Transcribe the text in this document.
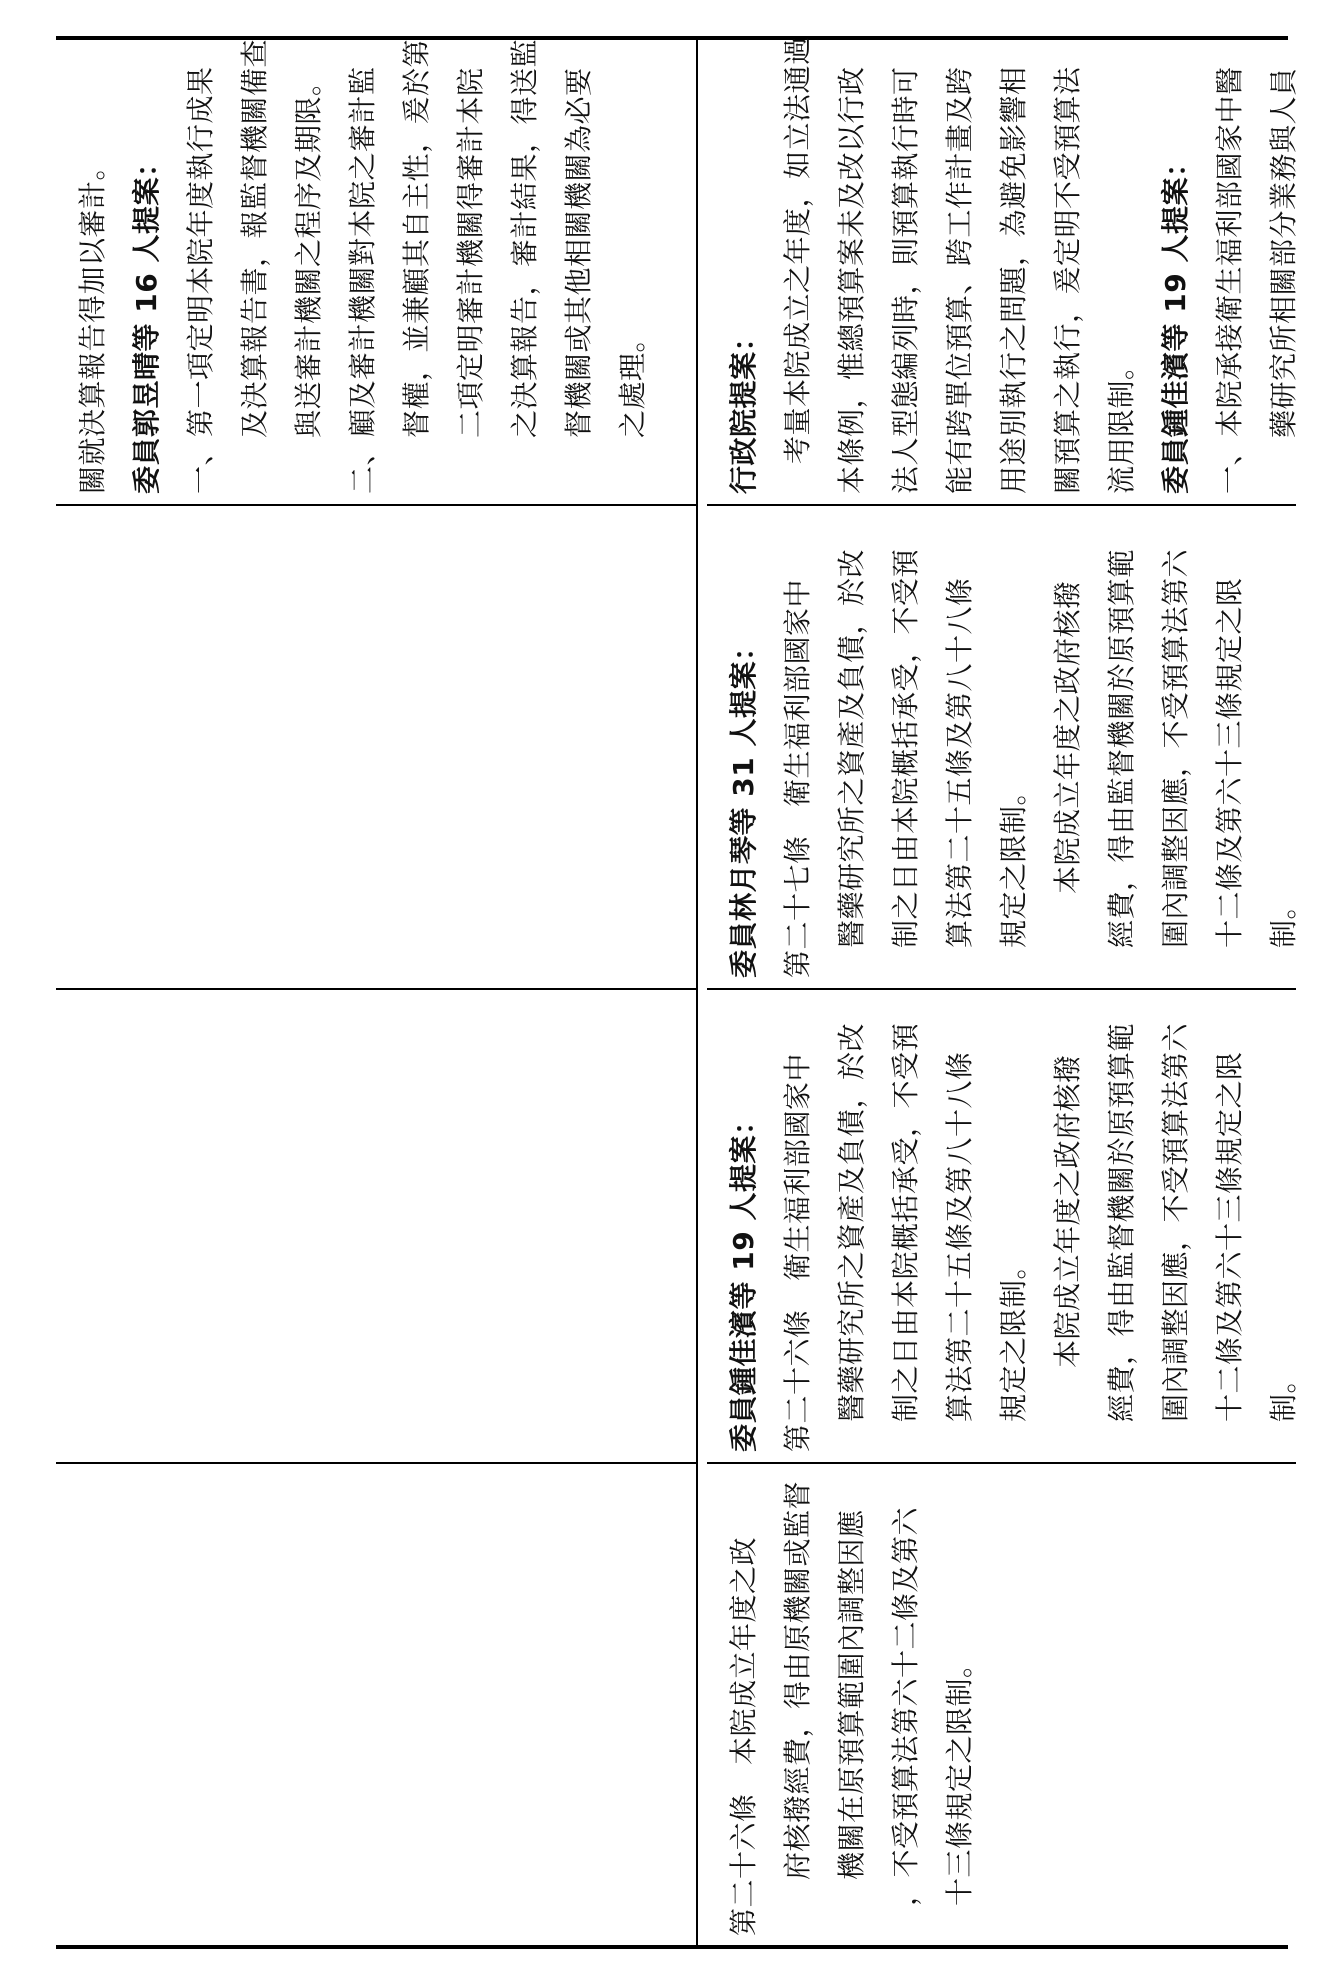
關就決算報告得加以審計。 委員郭昱晴等 16 人提案： 一、第一項定明本院年度執行成果 及決算報告書，報監督機關備查 與送審計機關之程序及期限。 二、顧及審計機關對本院之審計監 督權，並兼顧其自主性，爰於第 二項定明審計機關得審計本院 之決算報告，審計結果，得送監 督機關或其他相關機關為必要 之處理。
第二十六條　本院成立年度之政 府核撥經費，得由原機關或監督 機關在原預算範圍內調整因應 ，不受預算法第六十二條及第六 十三條規定之限制。
委員鍾佳濱等 19 人提案： 第二十六條　衛生福利部國家中 醫藥研究所之資產及負債，於改 制之日由本院概括承受，不受預 算法第二十五條及第八十八條 規定之限制。 本院成立年度之政府核撥 經費，得由監督機關於原預算範 圍內調整因應，不受預算法第六 十二條及第六十三條規定之限 制。
委員林月琴等 31 人提案： 第二十七條　衛生福利部國家中 醫藥研究所之資產及負債，於改 制之日由本院概括承受，不受預 算法第二十五條及第八十八條 規定之限制。 本院成立年度之政府核撥 經費，得由監督機關於原預算範 圍內調整因應，不受預算法第六 十二條及第六十三條規定之限 制。
行政院提案： 考量本院成立之年度，如立法通過 本條例，惟總預算案未及改以行政 法人型態編列時，則預算執行時可 能有跨單位預算、跨工作計畫及跨 用途別執行之問題，為避免影響相 關預算之執行，爰定明不受預算法 流用限制。 委員鍾佳濱等 19 人提案： 一、本院承接衛生福利部國家中醫 藥研究所相關部分業務與人員
